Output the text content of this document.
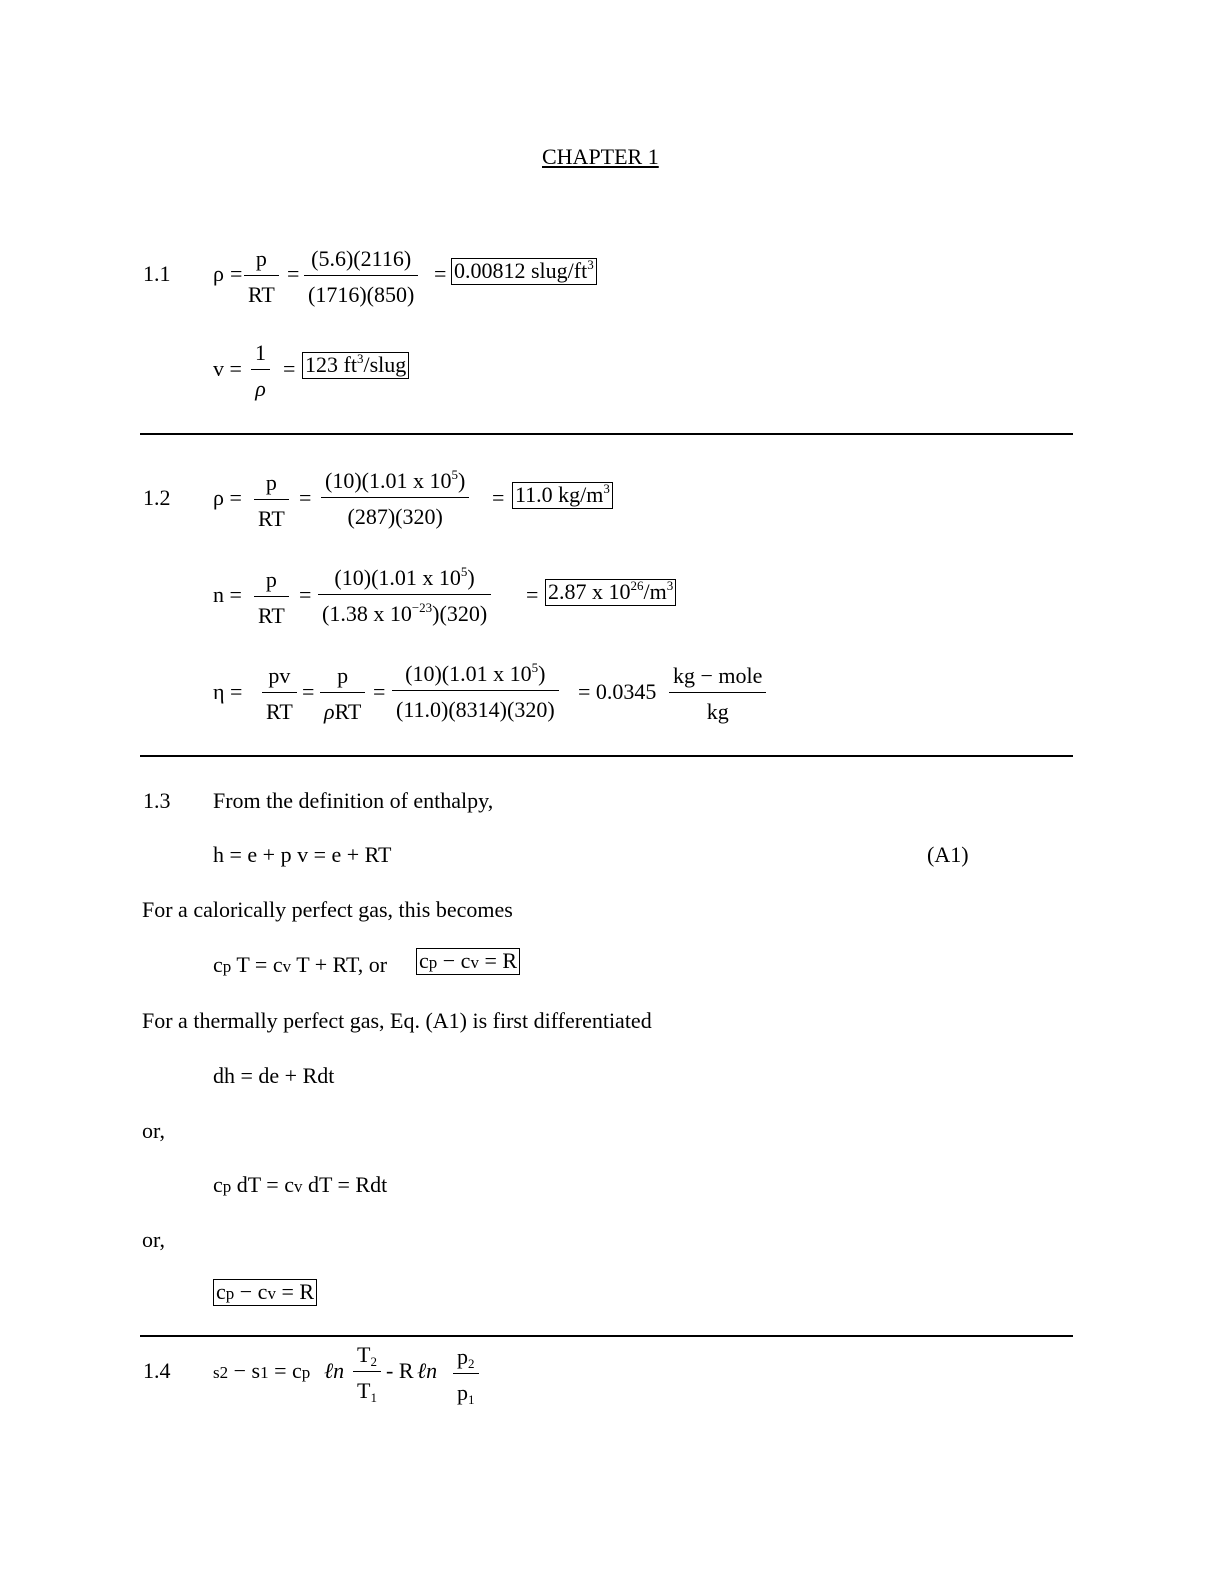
CHAPTER 1
1.1 $\rho = \frac{p}{RT} = \frac{(5.6)(2116)}{(1716)(850)} = 0.00812$ slug/$ft^3$
$v = \frac{1}{\rho} = 123$ $ft^3$/slug
1.2 $\rho = \frac{p}{RT} = \frac{(10)(1.01 x 10^5)}{(287)(320)} = 11.0$ $kg/m^3$
$n = \frac{p}{RT} = \frac{(10)(1.01 x 10^5)}{(1.38 x 10^{-23})(320)} = 2.87$ x $10^{26}/m^3$
$\eta = \frac{pv}{RT}$ =
p
ρRT
= $\frac{(10)(1.01 x 10^5)}{(11.0)(8314)(320)} = 0.0345$
kg − mole
kg
1.3 From the definition of enthalpy,
h = e + p v = e + RT	(A1)
For a calorically perfect gas, this becomes
cp T = cv T + RT, or cp − cv = R
For a thermally perfect gas, Eq. (A1) is first differentiated
dh = de + Rdt
or,
cp dT = cv dT = Rdt
or,
cp − cv = R
1.4	s2 − s1 = cp ℓn $\frac{T_2}{T_1}$ - R ℓn $\frac{p_2}{p_1}$
